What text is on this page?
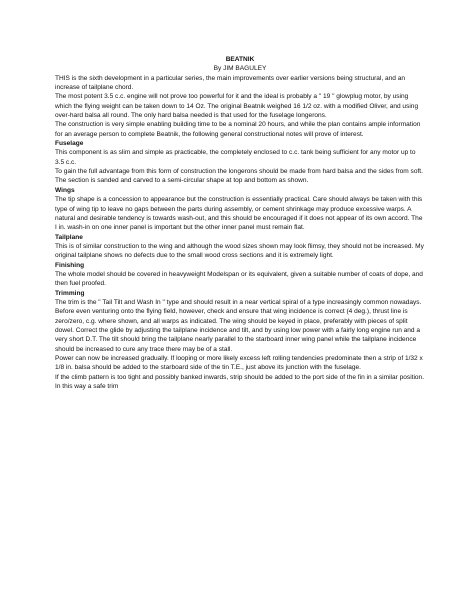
BEATNIK

By JIM BAGULEY

THIS is the sixth development in a particular series, the main improvements over earlier versions being structural, and an increase of tailplane chord.

The most potent 3.5 c.c. engine will not prove too powerful for it and the ideal is probably a " 19 " glowplug motor, by using which the flying weight can be taken down to 14 Oz. The original Beatnik weighed 16 1/2 oz. with a modified Oliver, and using over-hard balsa all round. The only hard balsa needed is that used for the fuselage longerons.

The construction is very simple enabling building time to be a nominal 20 hours, and while the plan contains ample information for an average person to complete Beatnik, the following general constructional notes will prove of interest.

Fuselage

This component is as slim and simple as practicable, the completely enclosed to c.c. tank being sufficient for any motor up to 3.5 c.c.

To gain the full advantage from this form of construction the longerons should be made from hard balsa and the sides from soft. The section is sanded and carved to a semi-circular shape at top and bottom as shown.

Wings

The tip shape is a concession to appearance but the construction is essentially practical. Care should always be taken with this type of wing tip to leave no gaps between the parts during assembly, or cement shrinkage may produce excessive warps. A natural and desirable tendency is towards wash-out, and this should be encouraged if it does not appear of its own accord. The I in. wash-in on one inner panel is important but the other inner panel must remain flat.

Tailplane

This is of similar construction to the wing and although the wood sizes shown may look flimsy, they should not be increased. My original tailplane shows no defects due to the small wood cross sections and it is extremely light.

Finishing

The whole model should be covered in heavyweight Modelspan or its equivalent, given a suitable number of coats of dope, and then fuel proofed.

Trimming

The trim is the " Tail Tilt and Wash In " type and should result in a near vertical spiral of a type increasingly common nowadays.

Before even venturing onto the flying field, however, check and ensure that wing incidence is correct (4 deg.), thrust line is zero/zero, c.g. where shown, and all warps as indicated. The wing should be keyed in place, preferably with pieces of split dowel. Correct the glide by adjusting the tailplane incidence and tilt, and by using low power with a fairly long engine run and a very short D.T. The tilt should bring the tailplane nearly parallel to the starboard inner wing panel while the tailplane incidence should be increased to cure any trace there may be of a stall.

Power can now be increased gradually. If looping or more likely excess left rolling tendencies predominate then a strip of 1/32 x 1/8 in. balsa should be added to the starboard side of the tin T.E., just above its junction with the fuselage.

If the climb pattern is too tight and possibly banked inwards, strip should be added to the port side of the fin in a similar position. In this way a safe trim
